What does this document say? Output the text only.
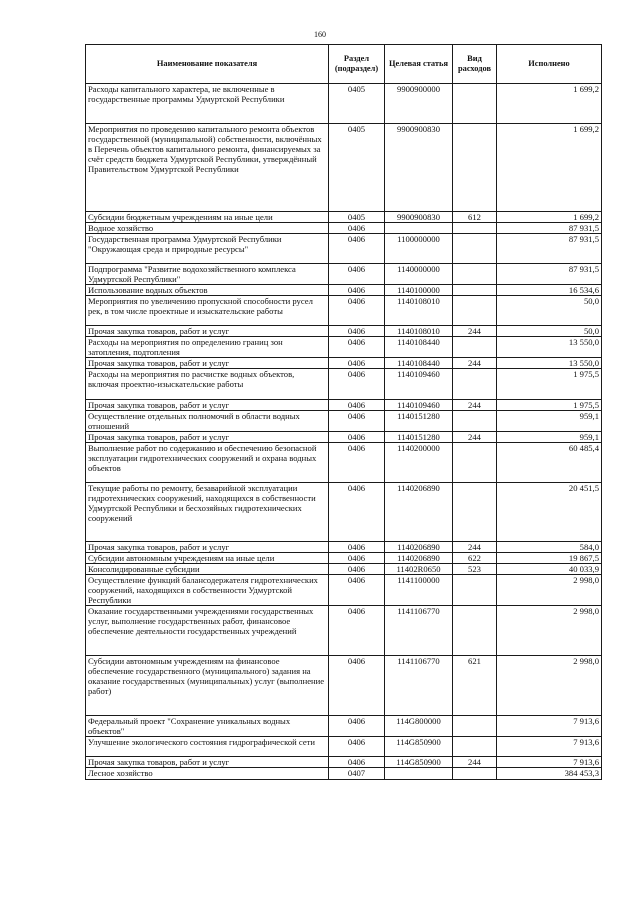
160
Наименование показателя	Раздел (подраздел)	Целевая статья	Вид расходов	Исполнено
Расходы капитального характера, не включенные в государственные программы Удмуртской Республики	0405	9900900000		1 699,2
Мероприятия по проведению капитального ремонта объектов государственной (муниципальной) собственности, включённых в Перечень объектов капитального ремонта, финансируемых за счёт средств бюджета Удмуртской Республики, утверждённый Правительством Удмуртской Республики	0405	9900900830		1 699,2
Субсидии бюджетным учреждениям на иные цели	0405	9900900830	612	1 699,2
Водное хозяйство	0406			87 931,5
Государственная программа Удмуртской Республики "Окружающая среда и природные ресурсы"	0406	1100000000		87 931,5
Подпрограмма "Развитие водохозяйственного комплекса Удмуртской Республики"	0406	1140000000		87 931,5
Использование водных объектов	0406	1140100000		16 534,6
Мероприятия по увеличению пропускной способности русел рек, в том числе проектные и изыскательские работы	0406	1140108010		50,0
Прочая закупка товаров, работ и услуг	0406	1140108010	244	50,0
Расходы на мероприятия по определению границ зон затопления, подтопления	0406	1140108440		13 550,0
Прочая закупка товаров, работ и услуг	0406	1140108440	244	13 550,0
Расходы на мероприятия по расчистке водных объектов, включая проектно-изыскательские работы	0406	1140109460		1 975,5
Прочая закупка товаров, работ и услуг	0406	1140109460	244	1 975,5
Осуществление отдельных полномочий в области водных отношений	0406	1140151280		959,1
Прочая закупка товаров, работ и услуг	0406	1140151280	244	959,1
Выполнение работ по содержанию и обеспечению безопасной эксплуатации гидротехнических сооружений и охрана водных объектов	0406	1140200000		60 485,4
Текущие работы по ремонту, безаварийной эксплуатации гидротехнических сооружений, находящихся в собственности Удмуртской Республики и бесхозяйных гидротехнических сооружений	0406	1140206890		20 451,5
Прочая закупка товаров, работ и услуг	0406	1140206890	244	584,0
Субсидии автономным учреждениям на иные цели	0406	1140206890	622	19 867,5
Консолидированные субсидии	0406	11402R0650	523	40 033,9
Осуществление функций балансодержателя гидротехнических сооружений, находящихся в собственности Удмуртской Республики	0406	1141100000		2 998,0
Оказание государственными учреждениями государственных услуг, выполнение государственных работ, финансовое обеспечение деятельности государственных учреждений	0406	1141106770		2 998,0
Субсидии автономным учреждениям на финансовое обеспечение государственного (муниципального) задания на оказание государственных (муниципальных) услуг (выполнение работ)	0406	1141106770	621	2 998,0
Федеральный проект "Сохранение уникальных водных объектов"	0406	114G800000		7 913,6
Улучшение экологического состояния гидрографической сети	0406	114G850900		7 913,6
Прочая закупка товаров, работ и услуг	0406	114G850900	244	7 913,6
Лесное хозяйство	0407			384 453,3
